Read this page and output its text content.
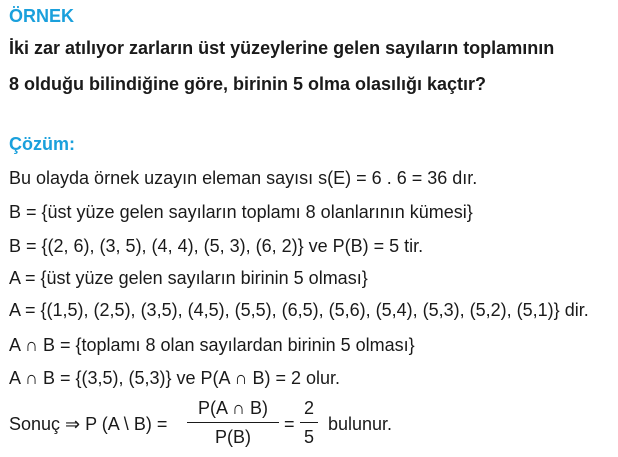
ÖRNEK
İki zar atılıyor zarların üst yüzeylerine gelen sayıların toplamının
8 olduğu bilindiğine göre, birinin 5 olma olasılığı kaçtır?
Çözüm:
Bu olayda örnek uzayın eleman sayısı s(E) = 6 . 6 = 36 dır.
B = {üst yüze gelen sayıların toplamı 8 olanlarının kümesi}
B = {(2, 6), (3, 5), (4, 4), (5, 3), (6, 2)} ve P(B) = 5 tir.
A = {üst yüze gelen sayıların birinin 5 olması}
A = {(1,5), (2,5), (3,5), (4,5), (5,5), (6,5), (5,6), (5,4), (5,3), (5,2), (5,1)} dir.
A ∩ B = {toplamı 8 olan sayılardan birinin 5 olması}
A ∩ B = {(3,5), (5,3)} ve P(A ∩ B) = 2 olur.
Sonuç ⇒ P (A \ B) =
P(A ∩ B)
P(B)
=
2
5
bulunur.
